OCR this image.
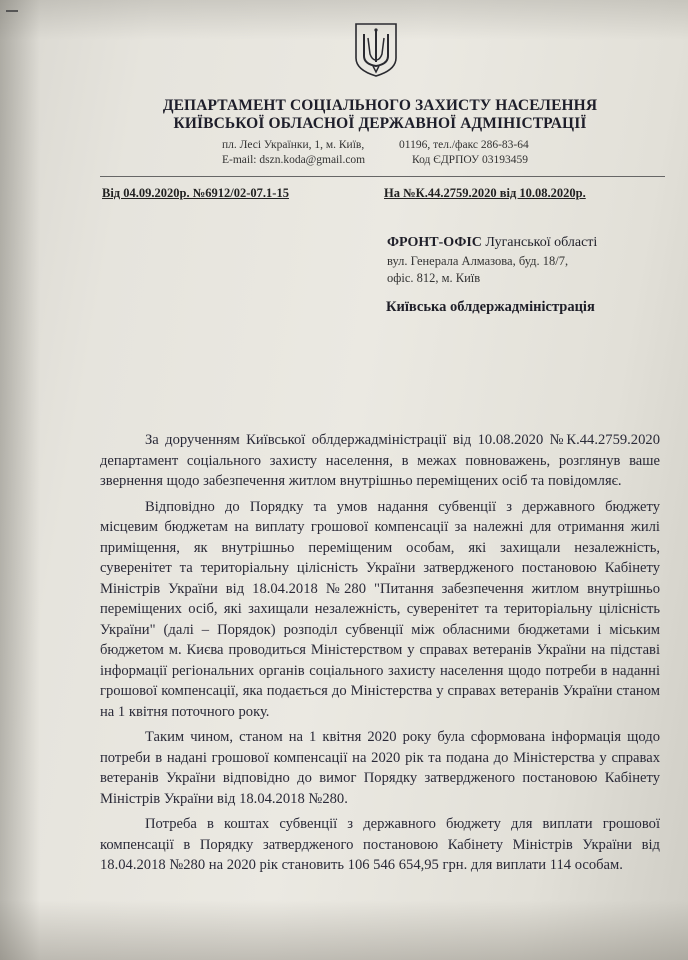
ДЕПАРТАМЕНТ СОЦІАЛЬНОГО ЗАХИСТУ НАСЕЛЕННЯ
КИЇВСЬКОЇ ОБЛАСНОЇ ДЕРЖАВНОЇ АДМІНІСТРАЦІЇ
пл. Лесі Українки, 1, м. Київ,	01196, тел./факс 286-83-64
E-mail: dszn.koda@gmail.com	Код ЄДРПОУ 03193459
Від 04.09.2020р. №6912/02-07.1-15	На №К.44.2759.2020 від 10.08.2020р.
ФРОНТ-ОФІС Луганської області
вул. Генерала Алмазова, буд. 18/7,
офіс. 812, м. Київ
Київська облдержадміністрація

За дорученням Київської облдержадміністрації від 10.08.2020 №К.44.2759.2020 департамент соціального захисту населення, в межах повноважень, розглянув ваше звернення щодо забезпечення житлом внутрішньо переміщених осіб та повідомляє.

Відповідно до Порядку та умов надання субвенції з державного бюджету місцевим бюджетам на виплату грошової компенсації за належні для отримання жилі приміщення, як внутрішньо переміщеним особам, які захищали незалежність, суверенітет та територіальну цілісність України затвердженого постановою Кабінету Міністрів України від 18.04.2018 №280 "Питання забезпечення житлом внутрішньо переміщених осіб, які захищали незалежність, суверенітет та територіальну цілісність України" (далі – Порядок) розподіл субвенції між обласними бюджетами і міським бюджетом м. Києва проводиться Міністерством у справах ветеранів України на підставі інформації регіональних органів соціального захисту населення щодо потреби в наданні грошової компенсації, яка подається до Міністерства у справах ветеранів України станом на 1 квітня поточного року.

Таким чином, станом на 1 квітня 2020 року була сформована інформація щодо потреби в надані грошової компенсації на 2020 рік та подана до Міністерства у справах ветеранів України відповідно до вимог Порядку затвердженого постановою Кабінету Міністрів України від 18.04.2018 №280.

Потреба в коштах субвенції з державного бюджету для виплати грошової компенсації в Порядку затвердженого постановою Кабінету Міністрів України від 18.04.2018 №280 на 2020 рік становить 106 546 654,95 грн. для виплати 114 особам.
